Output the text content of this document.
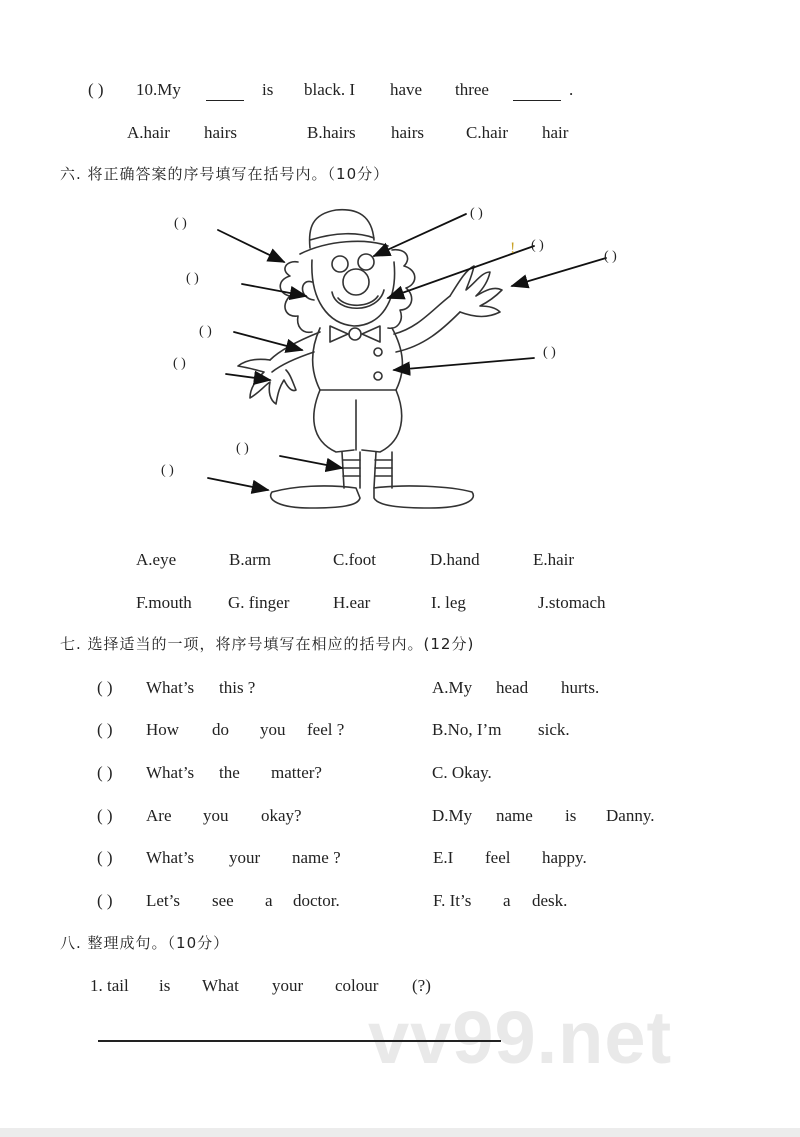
( ) 10.My	is black. I have three	.
A.hair hairs	B.hairs hairs C.hair hair
六. 将正确答案的序号填写在括号内。（10分）
( )
( )
( )
( )
( )
( )
( )
( )
( )
( )
!
A.eye	B.arm	C.foot	D.hand	E.hair
F.mouth G. finger	H.ear	I. leg	J.stomach
七. 选择适当的一项，将序号填写在相应的括号内。(12分)
( ) What’s this ?	A.My head hurts.
( ) How do you feel ?	B.No, I’m sick.
( ) What’s the matter?	C. Okay.
( ) Are you okay?	D.My name is Danny.
( ) What’s your name ?	E.I feel happy.
( ) Let’s see a doctor.	F. It’s a desk.
八. 整理成句。（10分）
1. tail is What your colour (?)
vv99.net
